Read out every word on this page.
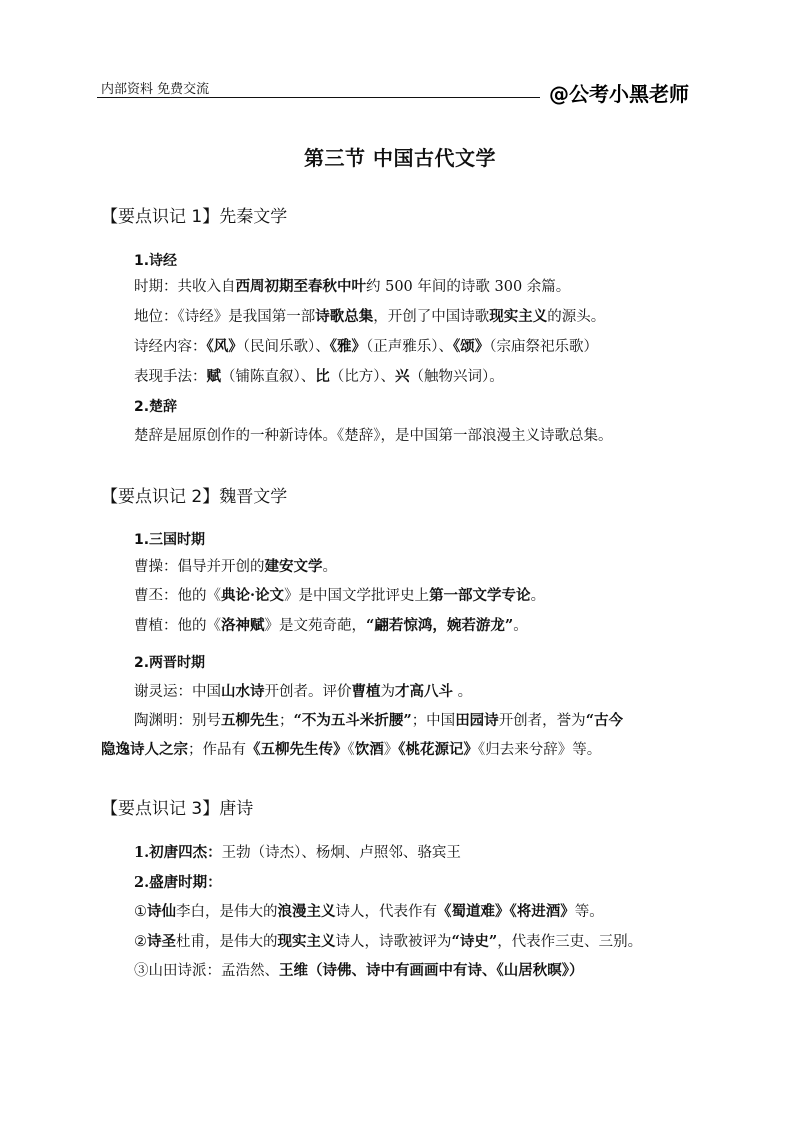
内部资料 免费交流	@公考小黑老师
第三节 中国古代文学
【要点识记 1】先秦文学
1.诗经
时期：共收入自西周初期至春秋中叶约 500 年间的诗歌 300 余篇。
地位：《诗经》是我国第一部诗歌总集，开创了中国诗歌现实主义的源头。
诗经内容：《风》（民间乐歌）、《雅》（正声雅乐）、《颂》（宗庙祭祀乐歌）
表现手法：赋（铺陈直叙）、比（比方）、兴（触物兴词）。
2.楚辞
楚辞是屈原创作的一种新诗体。《楚辞》，是中国第一部浪漫主义诗歌总集。
【要点识记 2】魏晋文学
1.三国时期
曹操：倡导并开创的建安文学。
曹丕：他的《典论·论文》是中国文学批评史上第一部文学专论。
曹植：他的《洛神赋》是文苑奇葩，“翩若惊鸿，婉若游龙”。
2.两晋时期
谢灵运：中国山水诗开创者。评价曹植为才高八斗 。
陶渊明：别号五柳先生；“不为五斗米折腰”；中国田园诗开创者，誉为“古今
隐逸诗人之宗；作品有《五柳先生传》《饮酒》《桃花源记》《归去来兮辞》等。
【要点识记 3】唐诗
1.初唐四杰：王勃（诗杰）、杨炯、卢照邻、骆宾王
2.盛唐时期：
①诗仙李白，是伟大的浪漫主义诗人，代表作有《蜀道难》《将进酒》等。
②诗圣杜甫，是伟大的现实主义诗人，诗歌被评为“诗史”，代表作三吏、三别。
③山田诗派：孟浩然、王维（诗佛、诗中有画画中有诗、《山居秋暝》）
